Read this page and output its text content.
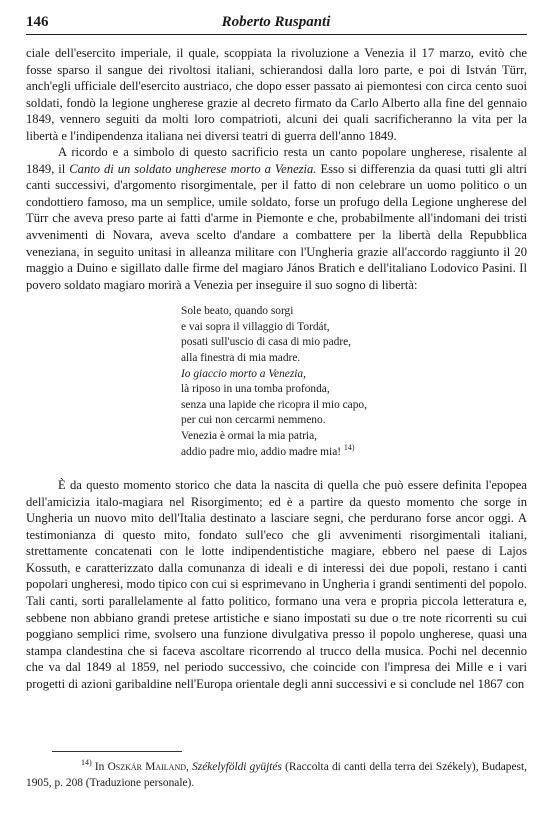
146	Roberto Ruspanti

ciale dell'esercito imperiale, il quale, scoppiata la rivoluzione a Venezia il 17 marzo, evitò che fosse sparso il sangue dei rivoltosi italiani, schierandosi dalla loro parte, e poi di István Türr, anch'egli ufficiale dell'esercito austriaco, che dopo esser passato ai piemontesi con circa cento suoi soldati, fondò la legione ungherese grazie al decreto firmato da Carlo Alberto alla fine del gennaio 1849, vennero seguiti da molti loro compatrioti, alcuni dei quali sacrificheranno la vita per la libertà e l'indipendenza italiana nei diversi teatri di guerra dell'anno 1849.

A ricordo e a simbolo di questo sacrificio resta un canto popolare ungherese, risalente al 1849, il Canto di un soldato ungherese morto a Venezia. Esso si differenzia da quasi tutti gli altri canti successivi, d'argomento risorgimentale, per il fatto di non celebrare un uomo politico o un condottiero famoso, ma un semplice, umile soldato, forse un profugo della Legione ungherese del Türr che aveva preso parte ai fatti d'arme in Piemonte e che, probabilmente all'indomani dei tristi avvenimenti di Novara, aveva scelto d'andare a combattere per la libertà della Repubblica veneziana, in seguito unitasi in alleanza militare con l'Ungheria grazie all'accordo raggiunto il 20 maggio a Duino e sigillato dalle firme del magiaro János Bratich e dell'italiano Lodovico Pasini. Il povero soldato magiaro morirà a Venezia per inseguire il suo sogno di libertà:

Sole beato, quando sorgi
e vai sopra il villaggio di Tordát,
posati sull'uscio di casa di mio padre,
alla finestra di mia madre.
Io giaccio morto a Venezia,
là riposo in una tomba profonda,
senza una lapide che ricopra il mio capo,
per cui non cercarmi nemmeno.
Venezia è ormai la mia patria,
addio padre mio, addio madre mia! $^{14)}$

È da questo momento storico che data la nascita di quella che può essere definita l'epopea dell'amicizia italo-magiara nel Risorgimento; ed è a partire da questo momento che sorge in Ungheria un nuovo mito dell'Italia destinato a lasciare segni, che perdurano forse ancor oggi. A testimonianza di questo mito, fondato sull'eco che gli avvenimenti risorgimentali italiani, strettamente concatenati con le lotte indipendentistiche magiare, ebbero nel paese di Lajos Kossuth, e caratterizzato dalla comunanza di ideali e di interessi dei due popoli, restano i canti popolari ungheresi, modo tipico con cui si esprimevano in Ungheria i grandi sentimenti del popolo. Tali canti, sorti parallelamente al fatto politico, formano una vera e propria piccola letteratura e, sebbene non abbiano grandi pretese artistiche e siano impostati su due o tre note ricorrenti su cui poggiano semplici rime, svolsero una funzione divulgativa presso il popolo ungherese, quasi una stampa clandestina che si faceva ascoltare ricorrendo al trucco della musica. Pochi nel decennio che va dal 1849 al 1859, nel periodo successivo, che coincide con l'impresa dei Mille e i vari progetti di azioni garibaldine nell'Europa orientale degli anni successivi e si conclude nel 1867 con

$^{14)}$ In Oszkár Mailand, Székelyföldi gyüjtés (Raccolta di canti della terra dei Székely), Budapest, 1905, p. 208 (Traduzione personale).
